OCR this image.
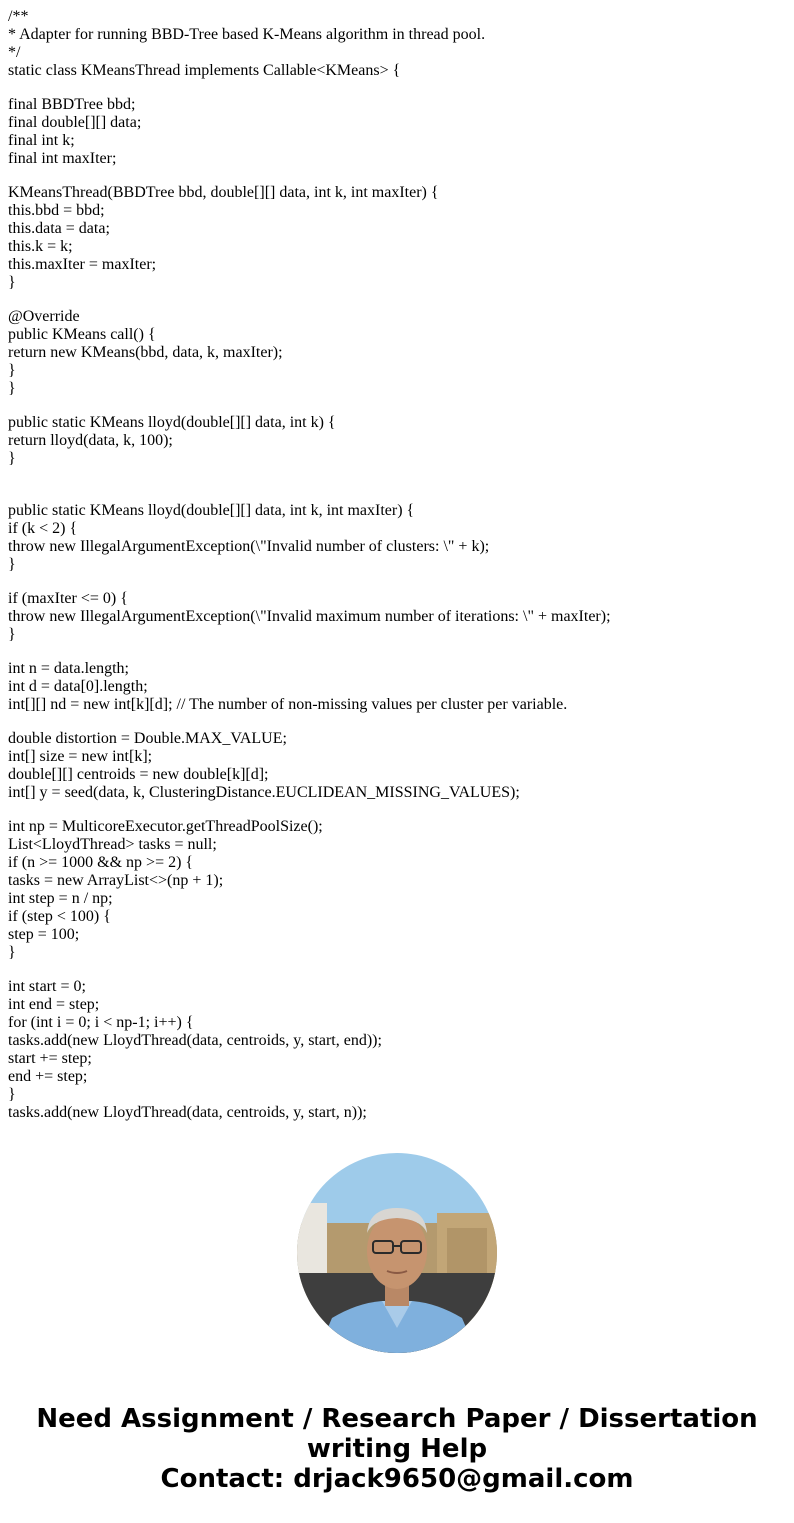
/**
* Adapter for running BBD-Tree based K-Means algorithm in thread pool.
*/
static class KMeansThread implements Callable<KMeans> {
final BBDTree bbd;
final double[][] data;
final int k;
final int maxIter;
KMeansThread(BBDTree bbd, double[][] data, int k, int maxIter) {
this.bbd = bbd;
this.data = data;
this.k = k;
this.maxIter = maxIter;
}
@Override
public KMeans call() {
return new KMeans(bbd, data, k, maxIter);
}
}
public static KMeans lloyd(double[][] data, int k) {
return lloyd(data, k, 100);
}
public static KMeans lloyd(double[][] data, int k, int maxIter) {
if (k < 2) {
throw new IllegalArgumentException(\"Invalid number of clusters: \" + k);
}
if (maxIter <= 0) {
throw new IllegalArgumentException(\"Invalid maximum number of iterations: \" + maxIter);
}
int n = data.length;
int d = data[0].length;
int[][] nd = new int[k][d]; // The number of non-missing values per cluster per variable.
double distortion = Double.MAX_VALUE;
int[] size = new int[k];
double[][] centroids = new double[k][d];
int[] y = seed(data, k, ClusteringDistance.EUCLIDEAN_MISSING_VALUES);
int np = MulticoreExecutor.getThreadPoolSize();
List<LloydThread> tasks = null;
if (n >= 1000 && np >= 2) {
tasks = new ArrayList<>(np + 1);
int step = n / np;
if (step < 100) {
step = 100;
}
int start = 0;
int end = step;
for (int i = 0; i < np-1; i++) {
tasks.add(new LloydThread(data, centroids, y, start, end));
start += step;
end += step;
}
tasks.add(new LloydThread(data, centroids, y, start, n));
Need Assignment / Research Paper / Dissertation
writing Help
Contact: drjack9650@gmail.com
